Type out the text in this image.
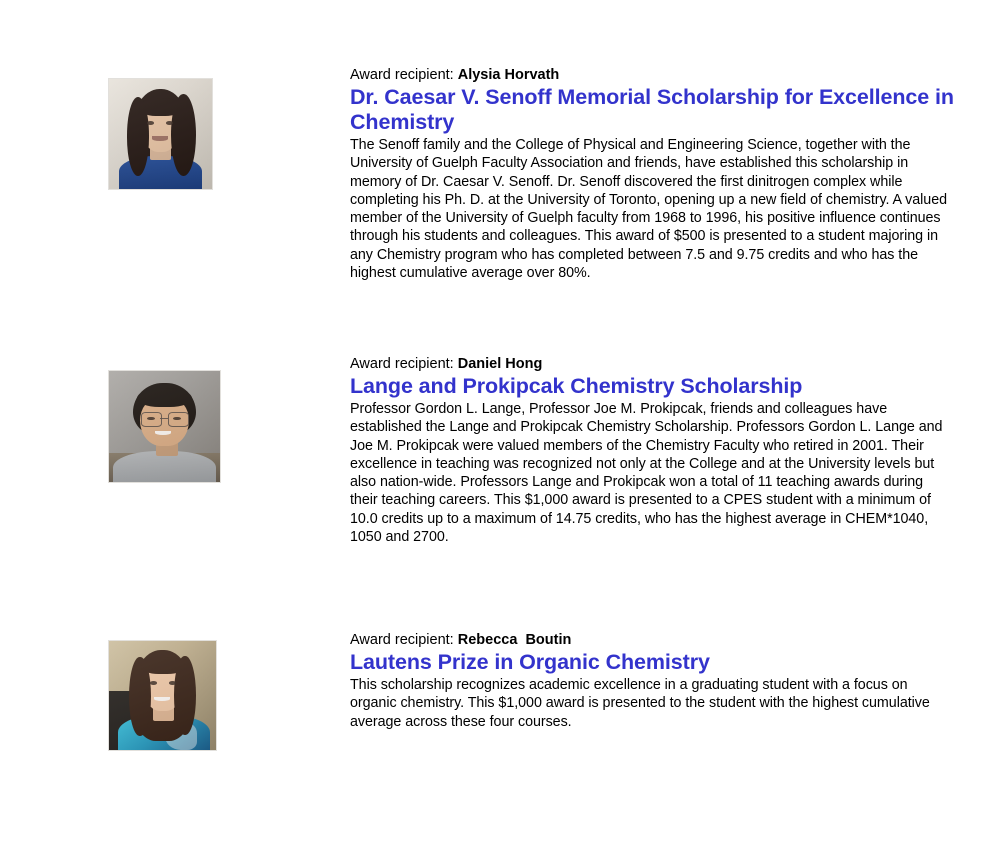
Award recipient: Alysia Horvath

Dr. Caesar V. Senoff Memorial Scholarship for Excellence in Chemistry

The Senoff family and the College of Physical and Engineering Science, together with the University of Guelph Faculty Association and friends, have established this scholarship in memory of Dr. Caesar V. Senoff. Dr. Senoff discovered the first dinitrogen complex while completing his Ph. D. at the University of Toronto, opening up a new field of chemistry. A valued member of the University of Guelph faculty from 1968 to 1996, his positive influence continues through his students and colleagues. This award of $500 is presented to a student majoring in any Chemistry program who has completed between 7.5 and 9.75 credits and who has the highest cumulative average over 80%.

Award recipient: Daniel Hong

Lange and Prokipcak Chemistry Scholarship

Professor Gordon L. Lange, Professor Joe M. Prokipcak, friends and colleagues have established the Lange and Prokipcak Chemistry Scholarship. Professors Gordon L. Lange and Joe M. Prokipcak were valued members of the Chemistry Faculty who retired in 2001. Their excellence in teaching was recognized not only at the College and at the University levels but also nation-wide. Professors Lange and Prokipcak won a total of 11 teaching awards during their teaching careers. This $1,000 award is presented to a CPES student with a minimum of 10.0 credits up to a maximum of 14.75 credits, who has the highest average in CHEM*1040, 1050 and 2700.

Award recipient: Rebecca  Boutin

Lautens Prize in Organic Chemistry

This scholarship recognizes academic excellence in a graduating student with a focus on organic chemistry. This $1,000 award is presented to the student with the highest cumulative average across these four courses.
